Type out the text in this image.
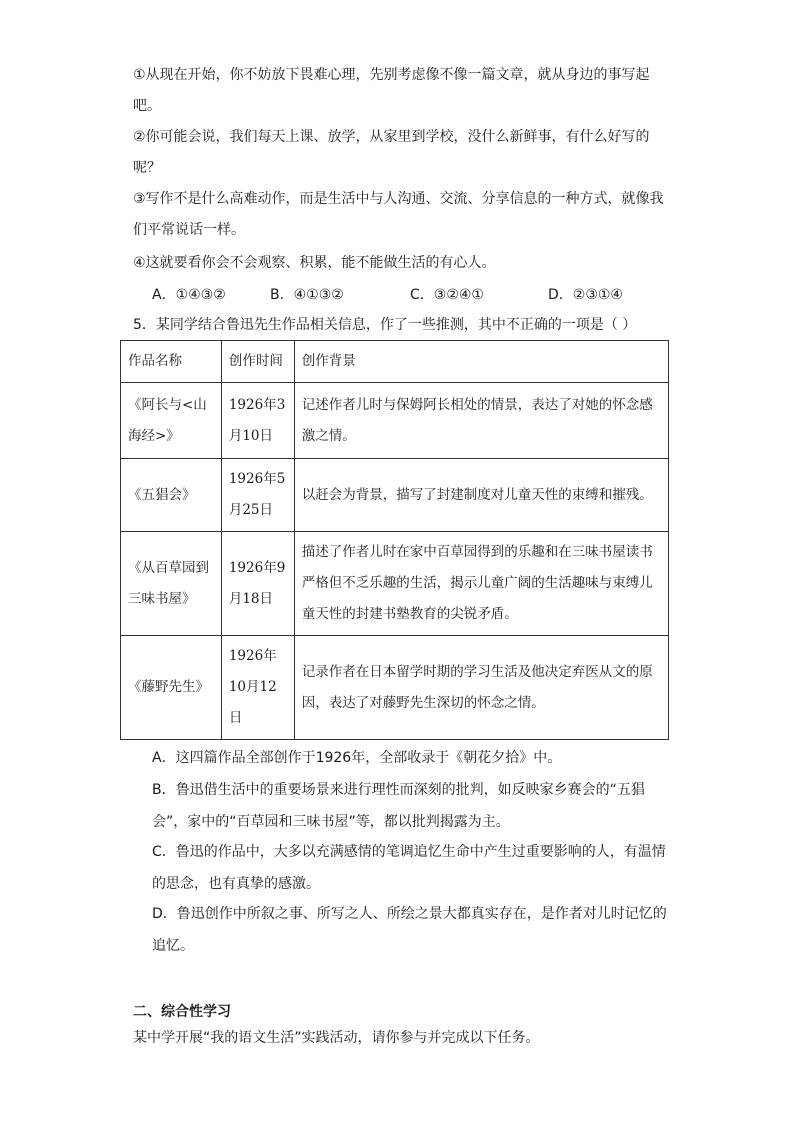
①从现在开始，你不妨放下畏难心理，先别考虑像不像一篇文章，就从身边的事写起吧。

②你可能会说，我们每天上课、放学，从家里到学校，没什么新鲜事，有什么好写的呢？

③写作不是什么高难动作，而是生活中与人沟通、交流、分享信息的一种方式，就像我们平常说话一样。

④这就要看你会不会观察、积累，能不能做生活的有心人。

A．①④③②	B．④①③②	C．③②④①	D．②③①④
5．某同学结合鲁迅先生作品相关信息，作了一些推测，其中不正确的一项是（ ）
作品名称	创作时间	创作背景
《阿长与<山海经>》	1926年3月10日	记述作者儿时与保姆阿长相处的情景，表达了对她的怀念感激之情。
《五猖会》	1926年5月25日	以赶会为背景，描写了封建制度对儿童天性的束缚和摧残。
《从百草园到三味书屋》	1926年9月18日	描述了作者儿时在家中百草园得到的乐趣和在三味书屋读书严格但不乏乐趣的生活，揭示儿童广阔的生活趣味与束缚儿童天性的封建书塾教育的尖锐矛盾。
《藤野先生》	1926年10月12日	记录作者在日本留学时期的学习生活及他决定弃医从文的原因，表达了对藤野先生深切的怀念之情。

A．这四篇作品全部创作于1926年，全部收录于《朝花夕拾》中。

B．鲁迅借生活中的重要场景来进行理性而深刻的批判，如反映家乡赛会的“五猖会”，家中的“百草园和三味书屋”等，都以批判揭露为主。

C．鲁迅的作品中，大多以充满感情的笔调追忆生命中产生过重要影响的人，有温情的思念，也有真挚的感激。

D．鲁迅创作中所叙之事、所写之人、所绘之景大都真实存在，是作者对儿时记忆的追忆。

二、综合性学习
某中学开展“我的语文生活”实践活动，请你参与并完成以下任务。
